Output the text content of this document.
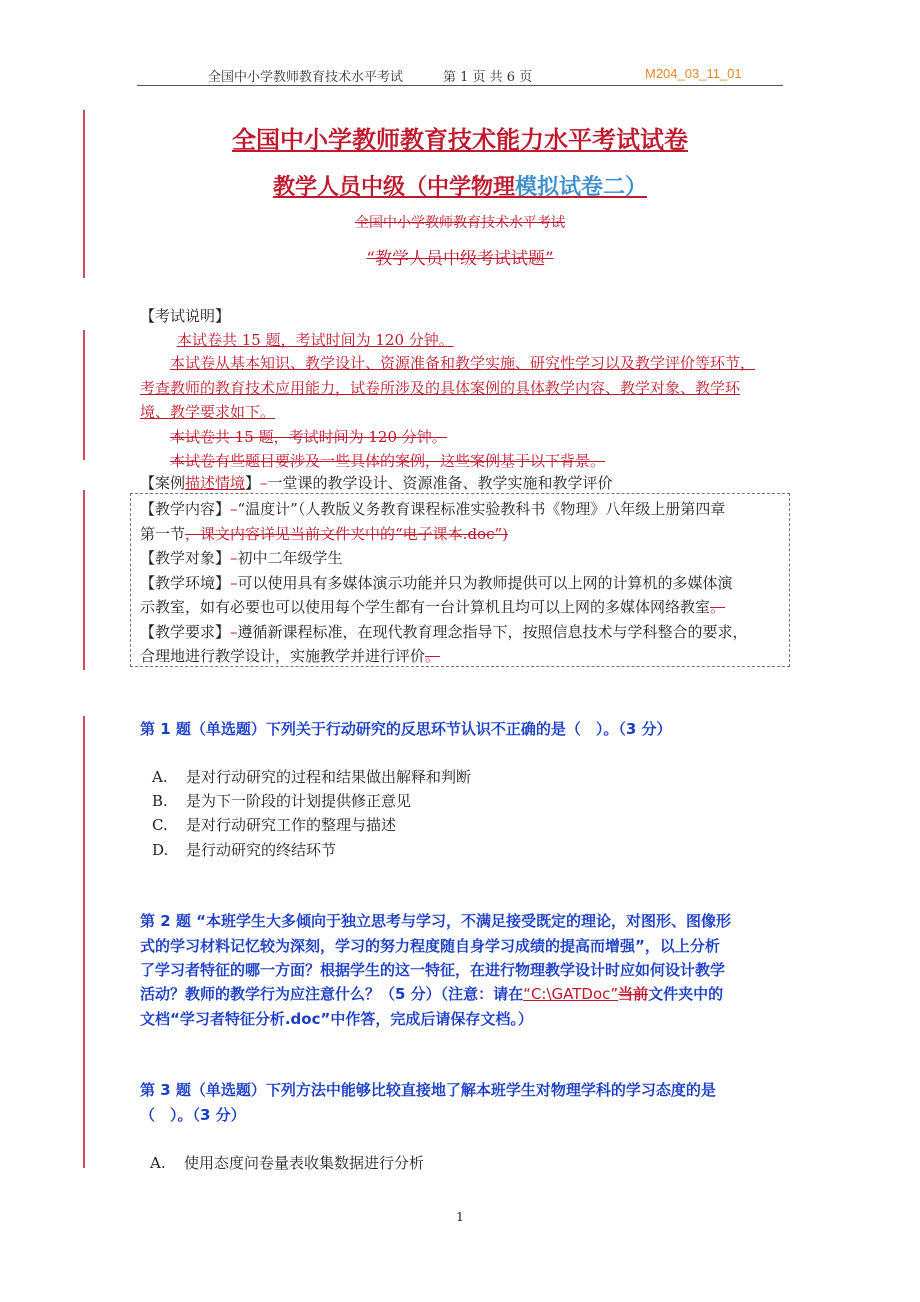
全国中小学教师教育技术水平考试	第 1 页 共 6 页	M204_03_11_01
全国中小学教师教育技术能力水平考试试卷
教学人员中级（中学物理模拟试卷二）
全国中小学教师教育技术水平考试
“教学人员中级考试试题”
【考试说明】
本试卷共 15 题，考试时间为 120 分钟。
本试卷从基本知识、教学设计、资源准备和教学实施、研究性学习以及教学评价等环节，
考查教师的教育技术应用能力，试卷所涉及的具体案例的具体教学内容、教学对象、教学环
境、教学要求如下。
本试卷共 15 题，考试时间为 120 分钟。
本试卷有些题目要涉及一些具体的案例，这些案例基于以下背景。
【案例描述情境】–一堂课的教学设计、资源准备、教学实施和教学评价
【教学内容】–“温度计”（人教版义务教育课程标准实验教科书《物理》八年级上册第四章
第一节，课文内容详见当前文件夹中的“电子课本.doc”)
【教学对象】–初中二年级学生
【教学环境】–可以使用具有多媒体演示功能并只为教师提供可以上网的计算机的多媒体演
示教室，如有必要也可以使用每个学生都有一台计算机且均可以上网的多媒体网络教室。
【教学要求】–遵循新课程标准，在现代教育理念指导下，按照信息技术与学科整合的要求，
合理地进行教学设计，实施教学并进行评价。
第 1 题（单选题）下列关于行动研究的反思环节认识不正确的是（　）。（3 分）
A. 是对行动研究的过程和结果做出解释和判断
B. 是为下一阶段的计划提供修正意见
C. 是对行动研究工作的整理与描述
D. 是行动研究的终结环节
第 2 题 “本班学生大多倾向于独立思考与学习，不满足接受既定的理论，对图形、图像形
式的学习材料记忆较为深刻，学习的努力程度随自身学习成绩的提高而增强”，以上分析
了学习者特征的哪一方面？根据学生的这一特征，在进行物理教学设计时应如何设计教学
活动？教师的教学行为应注意什么？（5 分）（注意：请在“C:\GATDoc”当前文件夹中的
文档“学习者特征分析.doc”中作答，完成后请保存文档。）
第 3 题（单选题）下列方法中能够比较直接地了解本班学生对物理学科的学习态度的是
（　）。（3 分）
A. 使用态度问卷量表收集数据进行分析
1
